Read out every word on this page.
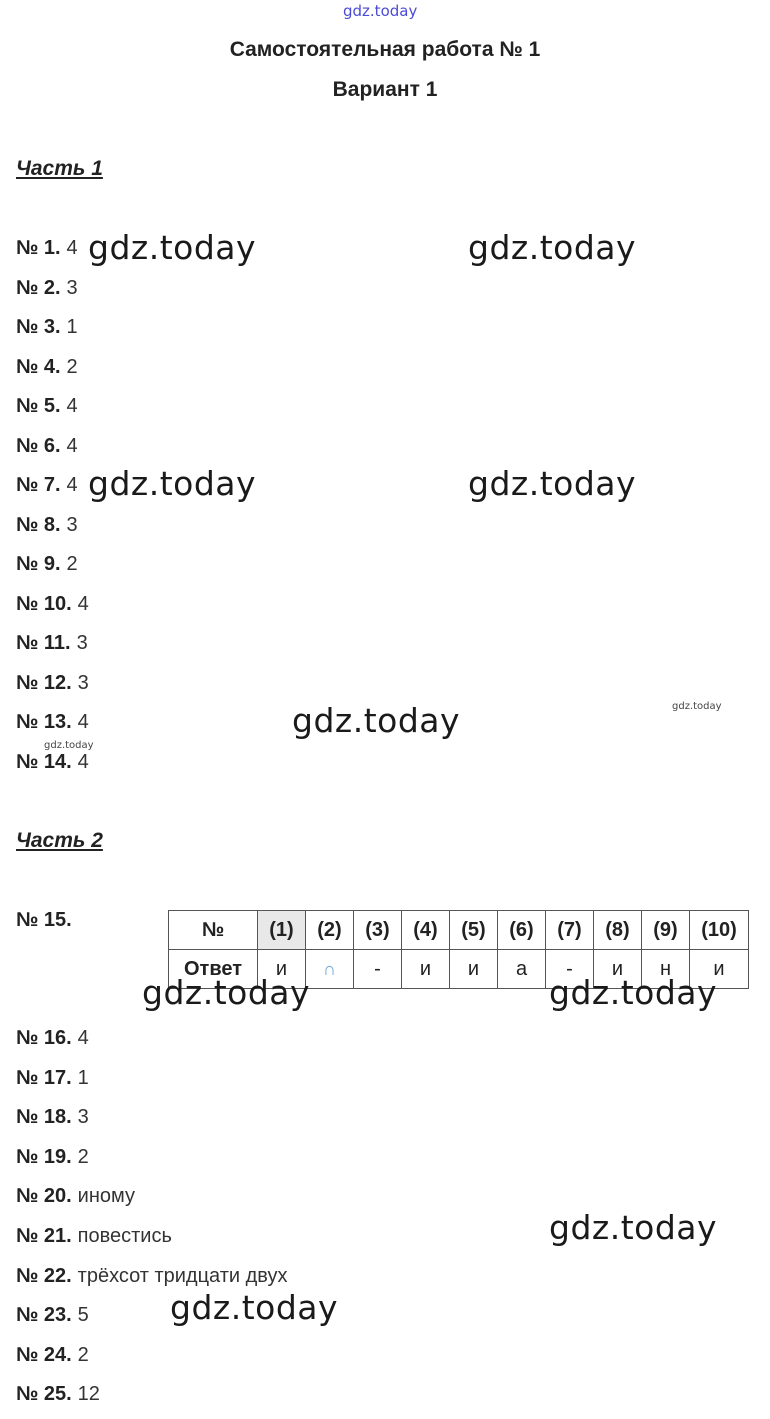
gdz.today
Самостоятельная работа № 1
Вариант 1
Часть 1
№ 1. 4
№ 2. 3
№ 3. 1
№ 4. 2
№ 5. 4
№ 6. 4
№ 7. 4
№ 8. 3
№ 9. 2
№ 10. 4
№ 11. 3
№ 12. 3
№ 13. 4
№ 14. 4
Часть 2
№ 15.	№	(1)	(2)	(3)	(4)	(5)	(6)	(7)	(8)	(9)	(10)
Ответ	и	∩	-	и	и	а	-	и	н	и
№ 16. 4
№ 17. 1
№ 18. 3
№ 19. 2
№ 20. иному
№ 21. повестись
№ 22. трёхсот тридцати двух
№ 23. 5
№ 24. 2
№ 25. 12
gdz.today	gdz.today
gdz.today	gdz.today
gdz.today	gdz.today
gdz.today
gdz.today	gdz.today
gdz.today
gdz.today
